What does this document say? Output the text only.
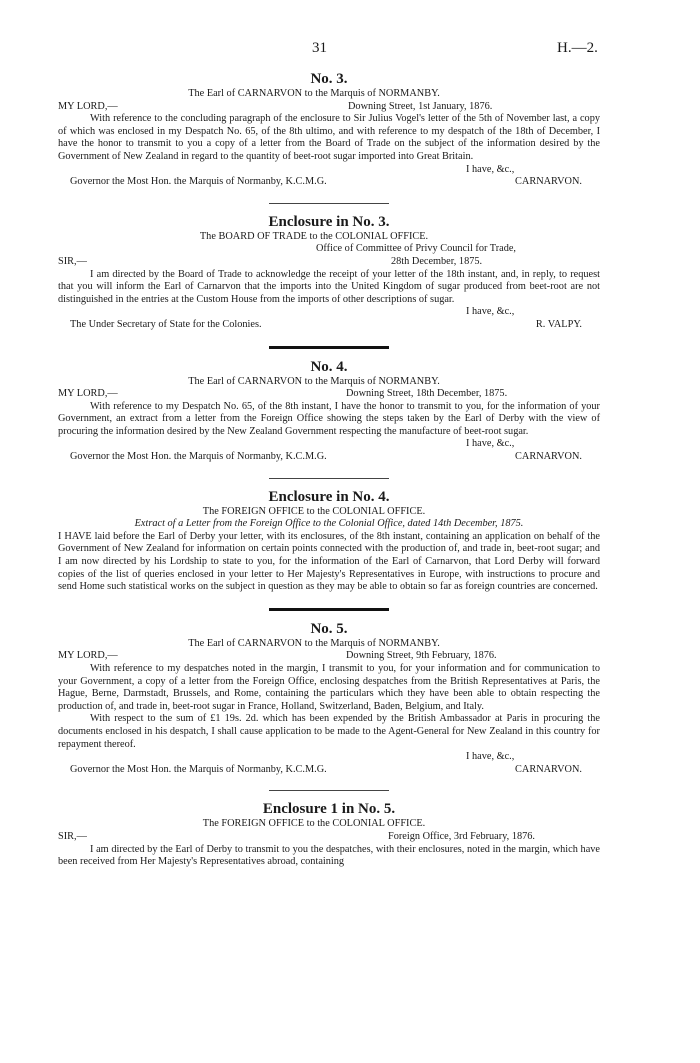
31	H.—2.
No. 3.
The Earl of CARNARVON to the Marquis of NORMANBY.
MY LORD,—	Downing Street, 1st January, 1876.

With reference to the concluding paragraph of the enclosure to Sir Julius Vogel's letter of the 5th of November last, a copy of which was enclosed in my Despatch No. 65, of the 8th ultimo, and with reference to my despatch of the 18th of December, I have the honor to transmit to you a copy of a letter from the Board of Trade on the subject of the information desired by the Government of New Zealand in regard to the quantity of beet-root sugar imported into Great Britain.

I have, &c.,
Governor the Most Hon. the Marquis of Normanby, K.C.M.G.	CARNARVON.
Enclosure in No. 3.
The BOARD OF TRADE to the COLONIAL OFFICE.
Office of Committee of Privy Council for Trade,
SIR,—	28th December, 1875.

I am directed by the Board of Trade to acknowledge the receipt of your letter of the 18th instant, and, in reply, to request that you will inform the Earl of Carnarvon that the imports into the United Kingdom of sugar produced from beet-root are not distinguished in the entries at the Custom House from the imports of other descriptions of sugar.

I have, &c.,
The Under Secretary of State for the Colonies.	R. VALPY.
No. 4.
The Earl of CARNARVON to the Marquis of NORMANBY.
MY LORD,—	Downing Street, 18th December, 1875.

With reference to my Despatch No. 65, of the 8th instant, I have the honor to transmit to you, for the information of your Government, an extract from a letter from the Foreign Office showing the steps taken by the Earl of Derby with the view of procuring the information desired by the New Zealand Government respecting the manufacture of beet-root sugar.

I have, &c.,
Governor the Most Hon. the Marquis of Normanby, K.C.M.G.	CARNARVON.
Enclosure in No. 4.
The FOREIGN OFFICE to the COLONIAL OFFICE.
Extract of a Letter from the Foreign Office to the Colonial Office, dated 14th December, 1875.

I HAVE laid before the Earl of Derby your letter, with its enclosures, of the 8th instant, containing an application on behalf of the Government of New Zealand for information on certain points connected with the production of, and trade in, beet-root sugar; and I am now directed by his Lordship to state to you, for the information of the Earl of Carnarvon, that Lord Derby will forward copies of the list of queries enclosed in your letter to Her Majesty's Representatives in Europe, with instructions to procure and send Home such statistical works on the subject in question as they may be able to obtain so far as foreign countries are concerned.

No. 5.
The Earl of CARNARVON to the Marquis of NORMANBY.
MY LORD,—	Downing Street, 9th February, 1876.

With reference to my despatches noted in the margin, I transmit to you, for your information and for communication to your Government, a copy of a letter from the Foreign Office, enclosing despatches from the British Representatives at Paris, the Hague, Berne, Darmstadt, Brussels, and Rome, containing the particulars which they have been able to obtain respecting the production of, and trade in, beet-root sugar in France, Holland, Switzerland, Baden, Belgium, and Italy.

With respect to the sum of £1 19s. 2d. which has been expended by the British Ambassador at Paris in procuring the documents enclosed in his despatch, I shall cause application to be made to the Agent-General for New Zealand in this country for repayment thereof.

I have, &c.,
Governor the Most Hon. the Marquis of Normanby, K.C.M.G.	CARNARVON.
Enclosure 1 in No. 5.
The FOREIGN OFFICE to the COLONIAL OFFICE.
SIR,—	Foreign Office, 3rd February, 1876.

I am directed by the Earl of Derby to transmit to you the despatches, with their enclosures, noted in the margin, which have been received from Her Majesty's Representatives abroad, containing
